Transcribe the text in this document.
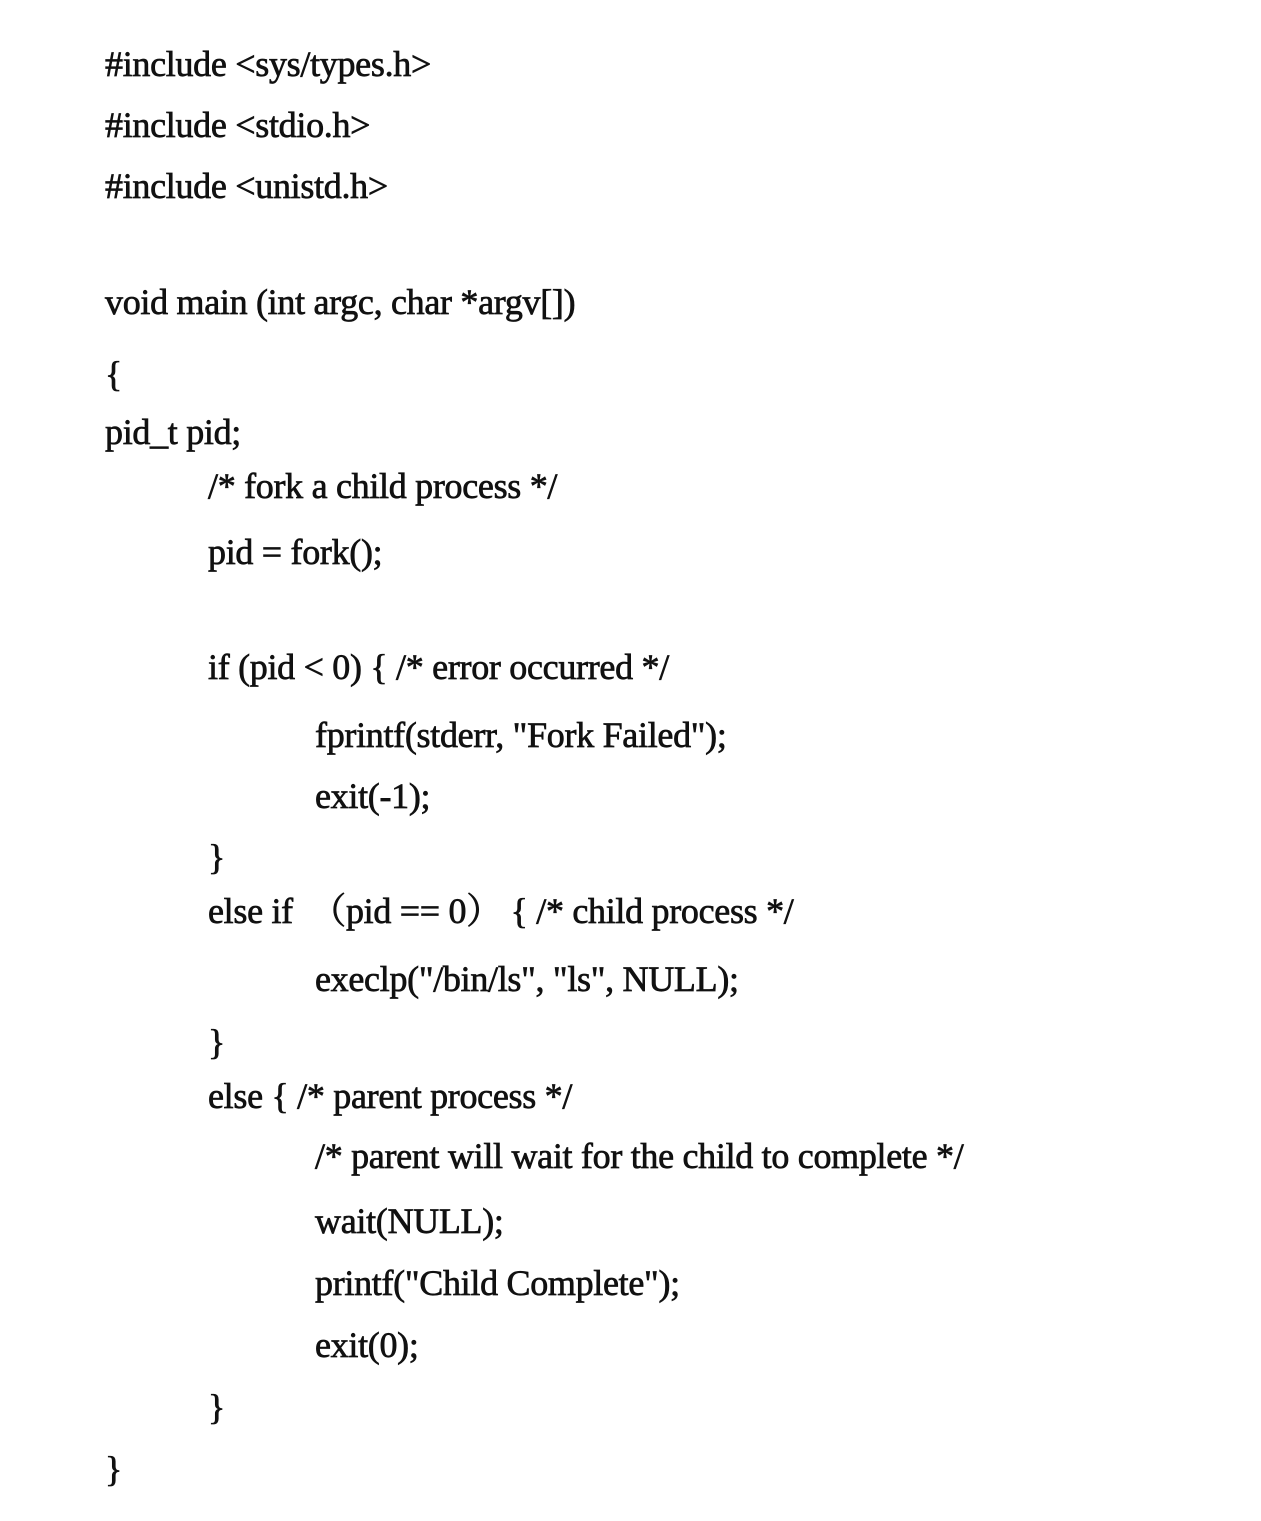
#include <sys/types.h>
#include <stdio.h>
#include <unistd.h>
void main (int argc, char *argv[])
{
pid_t pid;
/* fork a child process */
pid = fork();
if (pid < 0) { /* error occurred */
fprintf(stderr, "Fork Failed");
exit(-1);
}
else if  （pid == 0） { /* child process */
execlp("/bin/ls", "ls", NULL);
}
else { /* parent process */
/* parent will wait for the child to complete */
wait(NULL);
printf("Child Complete");
exit(0);
}
}
